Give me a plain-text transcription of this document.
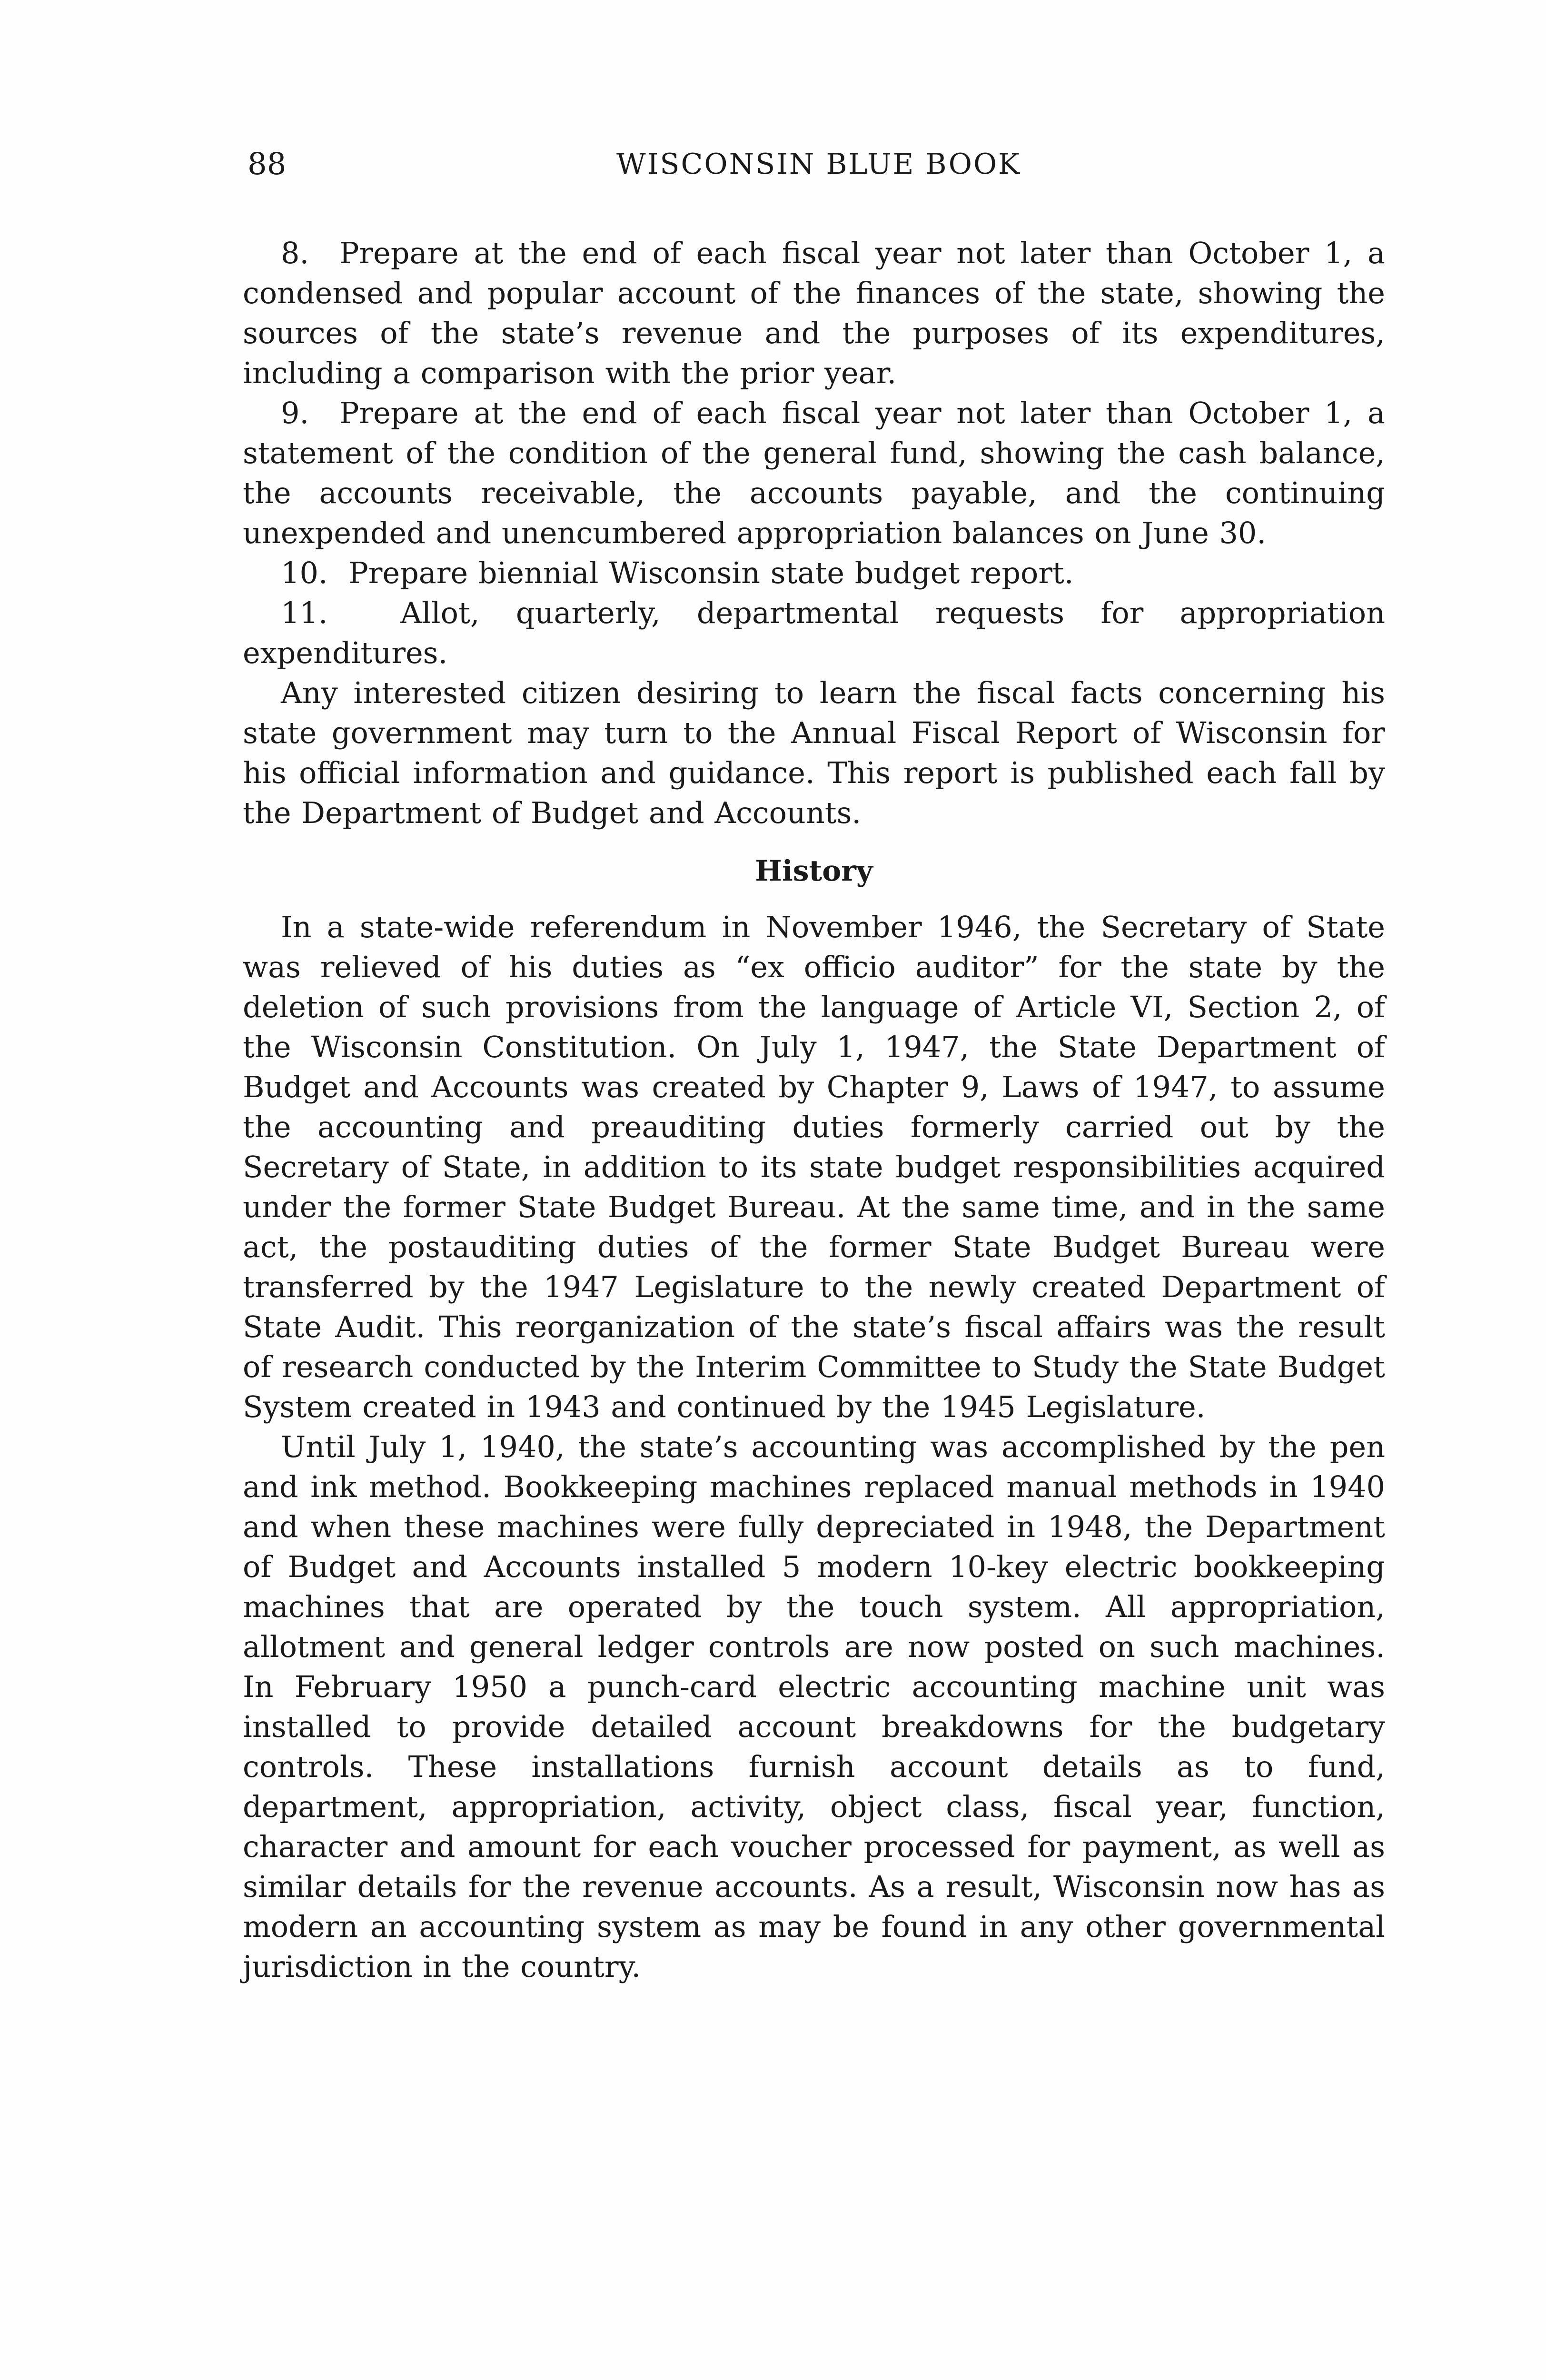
88	WISCONSIN BLUE BOOK

8. Prepare at the end of each fiscal year not later than October 1, a condensed and popular account of the finances of the state, showing the sources of the state’s revenue and the purposes of its expenditures, including a comparison with the prior year.

9. Prepare at the end of each fiscal year not later than October 1, a statement of the condition of the general fund, showing the cash balance, the accounts receivable, the accounts payable, and the continuing unexpended and unencumbered appropriation balances on June 30.

10. Prepare biennial Wisconsin state budget report.

11. Allot, quarterly, departmental requests for appropriation expenditures.

Any interested citizen desiring to learn the fiscal facts concerning his state government may turn to the Annual Fiscal Report of Wisconsin for his official information and guidance. This report is published each fall by the Department of Budget and Accounts.

History

In a state-wide referendum in November 1946, the Secretary of State was relieved of his duties as “ex officio auditor” for the state by the deletion of such provisions from the language of Article VI, Section 2, of the Wisconsin Constitution. On July 1, 1947, the State Department of Budget and Accounts was created by Chapter 9, Laws of 1947, to assume the accounting and preauditing duties formerly carried out by the Secretary of State, in addition to its state budget responsibilities acquired under the former State Budget Bureau. At the same time, and in the same act, the postauditing duties of the former State Budget Bureau were transferred by the 1947 Legislature to the newly created Department of State Audit. This reorganization of the state’s fiscal affairs was the result of research conducted by the Interim Committee to Study the State Budget System created in 1943 and continued by the 1945 Legislature.

Until July 1, 1940, the state’s accounting was accomplished by the pen and ink method. Bookkeeping machines replaced manual methods in 1940 and when these machines were fully depreciated in 1948, the Department of Budget and Accounts installed 5 modern 10-key electric bookkeeping machines that are operated by the touch system. All appropriation, allotment and general ledger controls are now posted on such machines. In February 1950 a punch-card electric accounting machine unit was installed to provide detailed account breakdowns for the budgetary controls. These installations furnish account details as to fund, department, appropriation, activity, object class, fiscal year, function, character and amount for each voucher processed for payment, as well as similar details for the revenue accounts. As a result, Wisconsin now has as modern an accounting system as may be found in any other governmental jurisdiction in the country.
